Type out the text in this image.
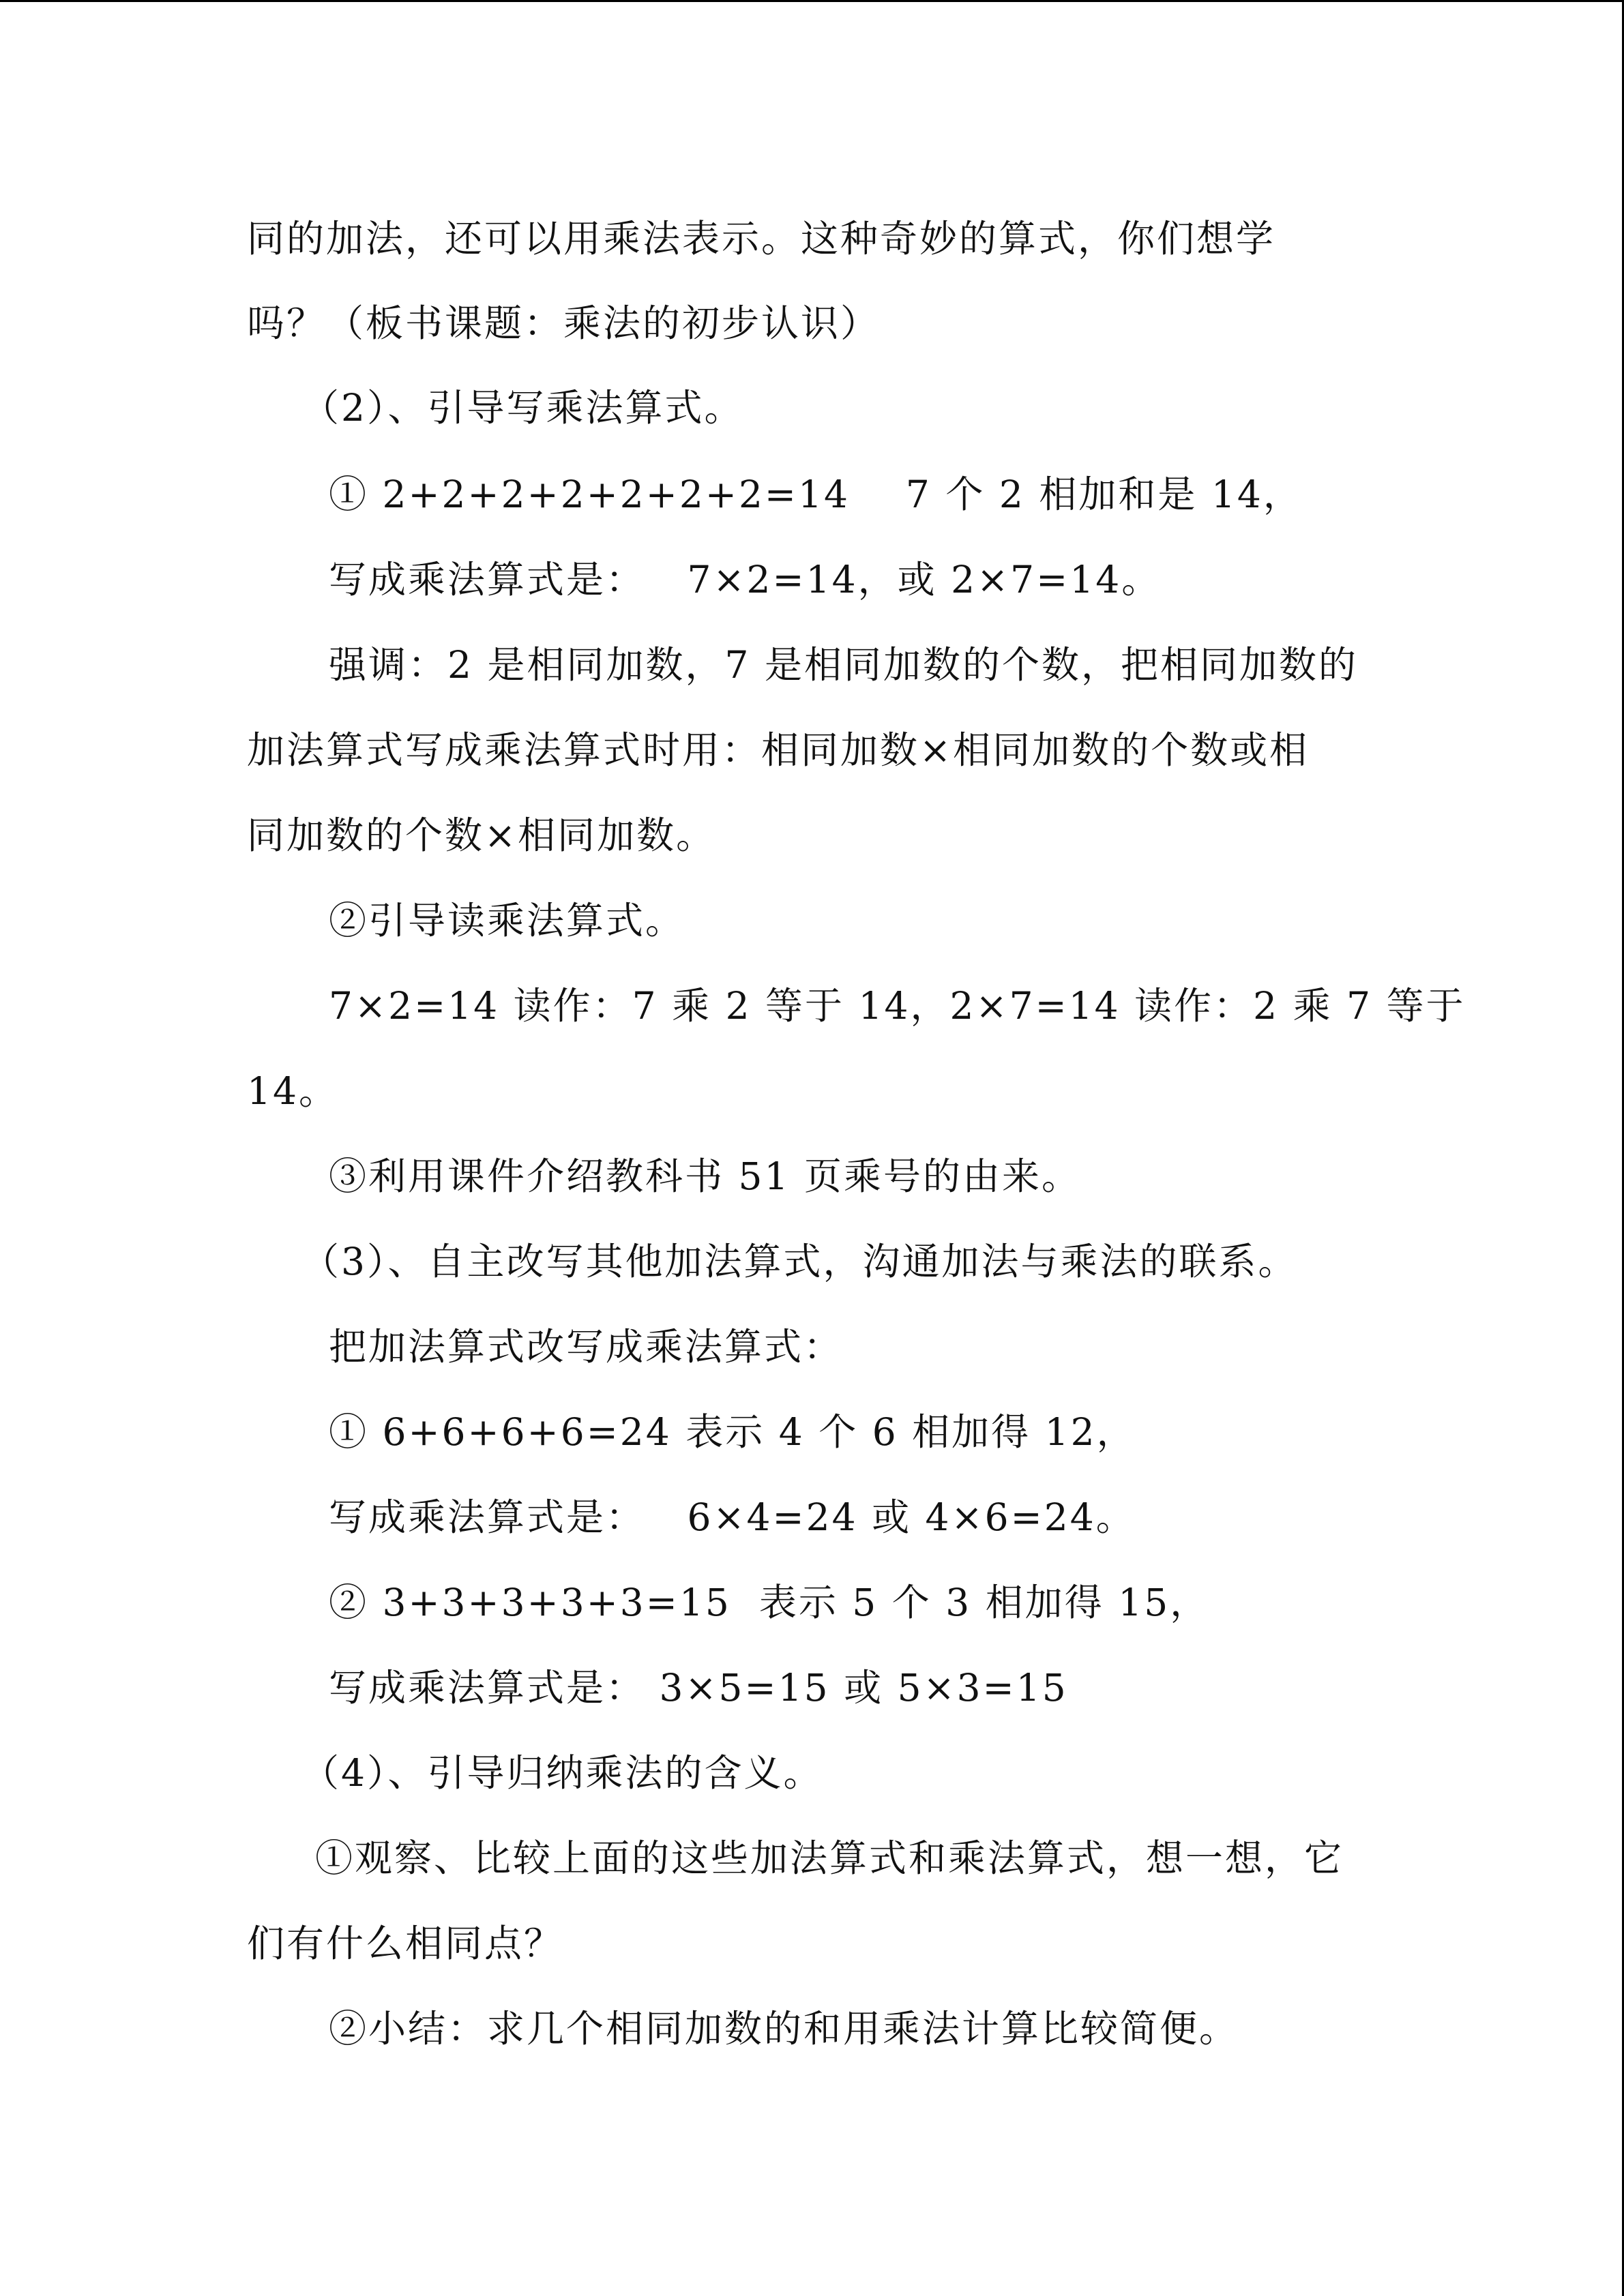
同的加法，还可以用乘法表示。这种奇妙的算式，你们想学
吗？（板书课题：乘法的初步认识）
（2）、引导写乘法算式。
① 2+2+2+2+2+2+2=14    7 个 2 相加和是 14，
写成乘法算式是：   7×2=14，或 2×7=14。
强调：2 是相同加数，7 是相同加数的个数，把相同加数的
加法算式写成乘法算式时用：相同加数×相同加数的个数或相
同加数的个数×相同加数。
②引导读乘法算式。
7×2=14 读作：7 乘 2 等于 14，2×7=14 读作：2 乘 7 等于
14。
③利用课件介绍教科书 51 页乘号的由来。
（3）、自主改写其他加法算式，沟通加法与乘法的联系。
把加法算式改写成乘法算式：
① 6+6+6+6=24 表示 4 个 6 相加得 12，
写成乘法算式是：   6×4=24 或 4×6=24。
② 3+3+3+3+3=15  表示 5 个 3 相加得 15，
写成乘法算式是： 3×5=15 或 5×3=15
（4）、引导归纳乘法的含义。
①观察、比较上面的这些加法算式和乘法算式，想一想，它
们有什么相同点？
②小结：求几个相同加数的和用乘法计算比较简便。
